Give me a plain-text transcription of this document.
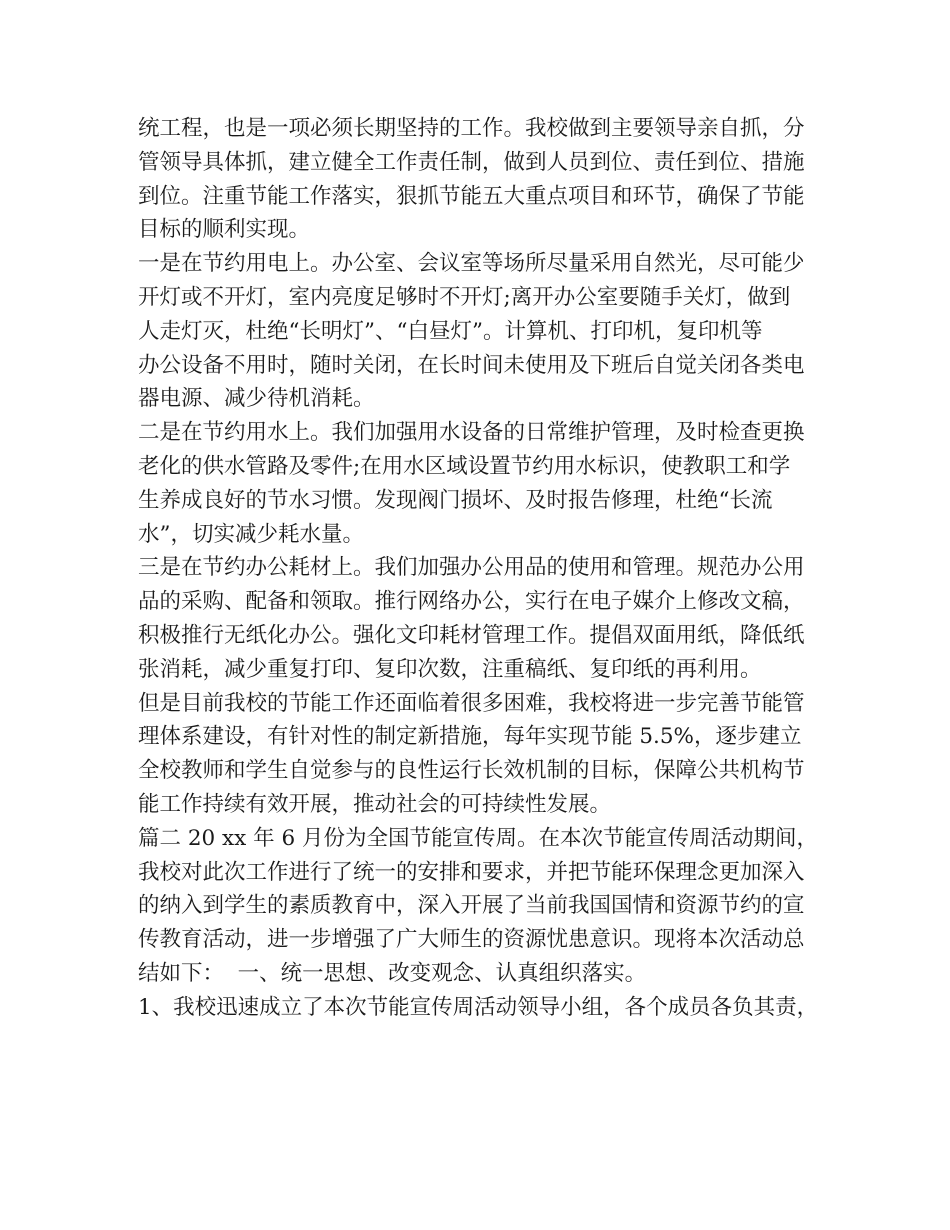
统工程，也是一项必须长期坚持的工作。我校做到主要领导亲自抓，分
管领导具体抓，建立健全工作责任制，做到人员到位、责任到位、措施
到位。注重节能工作落实，狠抓节能五大重点项目和环节，确保了节能
目标的顺利实现。
一是在节约用电上。办公室、会议室等场所尽量采用自然光，尽可能少
开灯或不开灯，室内亮度足够时不开灯;离开办公室要随手关灯，做到
人走灯灭，杜绝“长明灯”、“白昼灯”。计算机、打印机，复印机等
办公设备不用时，随时关闭，在长时间未使用及下班后自觉关闭各类电
器电源、减少待机消耗。
二是在节约用水上。我们加强用水设备的日常维护管理，及时检查更换
老化的供水管路及零件;在用水区域设置节约用水标识，使教职工和学
生养成良好的节水习惯。发现阀门损坏、及时报告修理，杜绝“长流
水”，切实减少耗水量。
三是在节约办公耗材上。我们加强办公用品的使用和管理。规范办公用
品的采购、配备和领取。推行网络办公，实行在电子媒介上修改文稿，
积极推行无纸化办公。强化文印耗材管理工作。提倡双面用纸，降低纸
张消耗，减少重复打印、复印次数，注重稿纸、复印纸的再利用。
但是目前我校的节能工作还面临着很多困难，我校将进一步完善节能管
理体系建设，有针对性的制定新措施，每年实现节能 5.5%，逐步建立
全校教师和学生自觉参与的良性运行长效机制的目标，保障公共机构节
能工作持续有效开展，推动社会的可持续性发展。
篇二 20 xx 年 6 月份为全国节能宣传周。在本次节能宣传周活动期间，
我校对此次工作进行了统一的安排和要求，并把节能环保理念更加深入
的纳入到学生的素质教育中，深入开展了当前我国国情和资源节约的宣
传教育活动，进一步增强了广大师生的资源忧患意识。现将本次活动总
结如下：  一、统一思想、改变观念、认真组织落实。
1、我校迅速成立了本次节能宣传周活动领导小组，各个成员各负其责，
